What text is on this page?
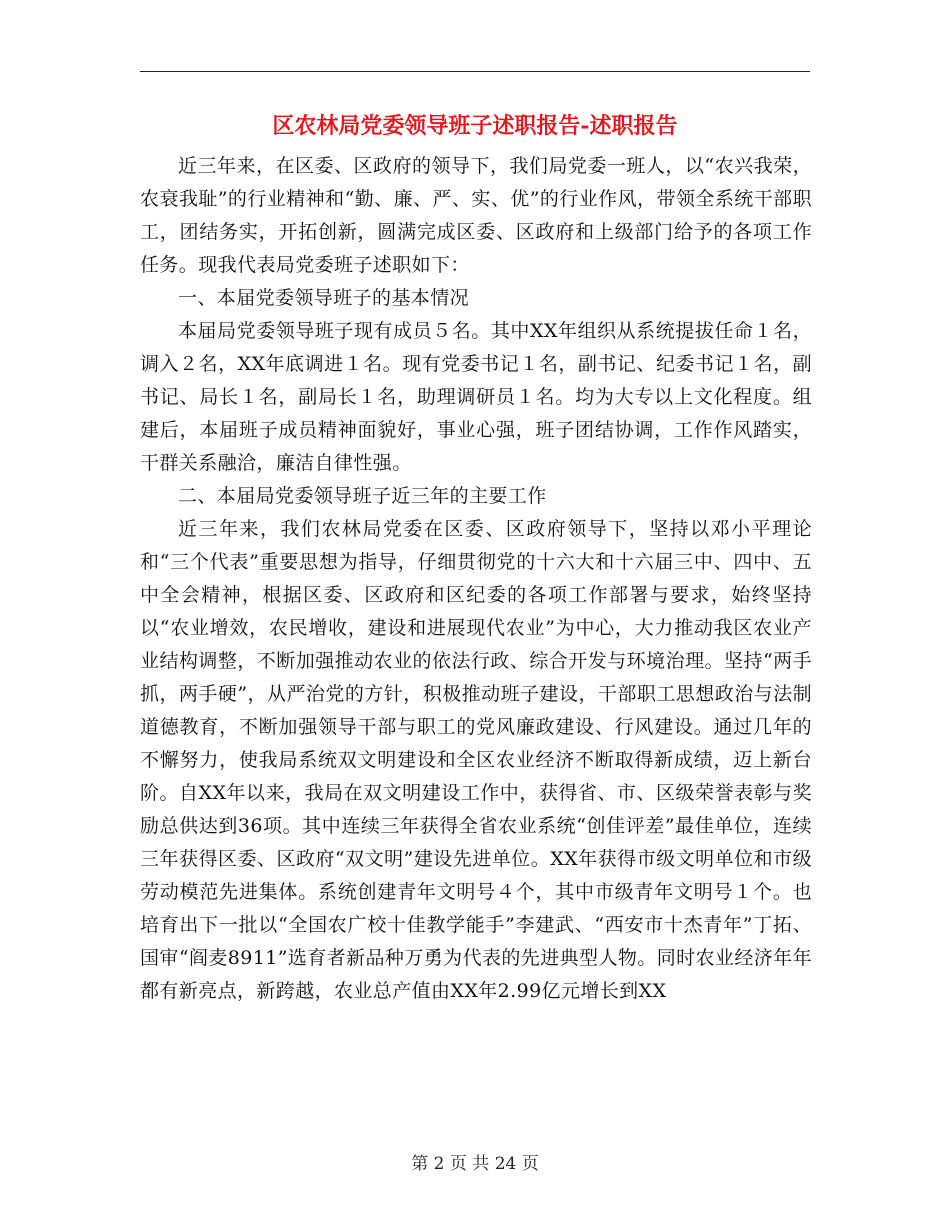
区农林局党委领导班子述职报告-述职报告

近三年来，在区委、区政府的领导下，我们局党委一班人，以“农兴我荣，农衰我耻”的行业精神和“勤、廉、严、实、优”的行业作风，带领全系统干部职工，团结务实，开拓创新，圆满完成区委、区政府和上级部门给予的各项工作任务。现我代表局党委班子述职如下：

一、本届党委领导班子的基本情况

本届局党委领导班子现有成员５名。其中XX年组织从系统提拔任命１名，调入２名，XX年底调进１名。现有党委书记１名，副书记、纪委书记１名，副书记、局长１名，副局长１名，助理调研员１名。均为大专以上文化程度。组建后，本届班子成员精神面貌好，事业心强，班子团结协调，工作作风踏实，干群关系融洽，廉洁自律性强。

二、本届局党委领导班子近三年的主要工作

近三年来，我们农林局党委在区委、区政府领导下，坚持以邓小平理论和“三个代表”重要思想为指导，仔细贯彻党的十六大和十六届三中、四中、五中全会精神，根据区委、区政府和区纪委的各项工作部署与要求，始终坚持以“农业增效，农民增收，建设和进展现代农业”为中心，大力推动我区农业产业结构调整，不断加强推动农业的依法行政、综合开发与环境治理。坚持“两手抓，两手硬”，从严治党的方针，积极推动班子建设，干部职工思想政治与法制道德教育，不断加强领导干部与职工的党风廉政建设、行风建设。通过几年的不懈努力，使我局系统双文明建设和全区农业经济不断取得新成绩，迈上新台阶。自XX年以来，我局在双文明建设工作中，获得省、市、区级荣誉表彰与奖励总供达到36项。其中连续三年获得全省农业系统“创佳评差”最佳单位，连续三年获得区委、区政府“双文明”建设先进单位。XX年获得市级文明单位和市级劳动模范先进集体。系统创建青年文明号４个，其中市级青年文明号１个。也培育出下一批以“全国农广校十佳教学能手”李建武、“西安市十杰青年”丁拓、国审“阎麦8911”选育者新品种万勇为代表的先进典型人物。同时农业经济年年都有新亮点，新跨越，农业总产值由XX年2.99亿元增长到XX

第 2 页 共 24 页
